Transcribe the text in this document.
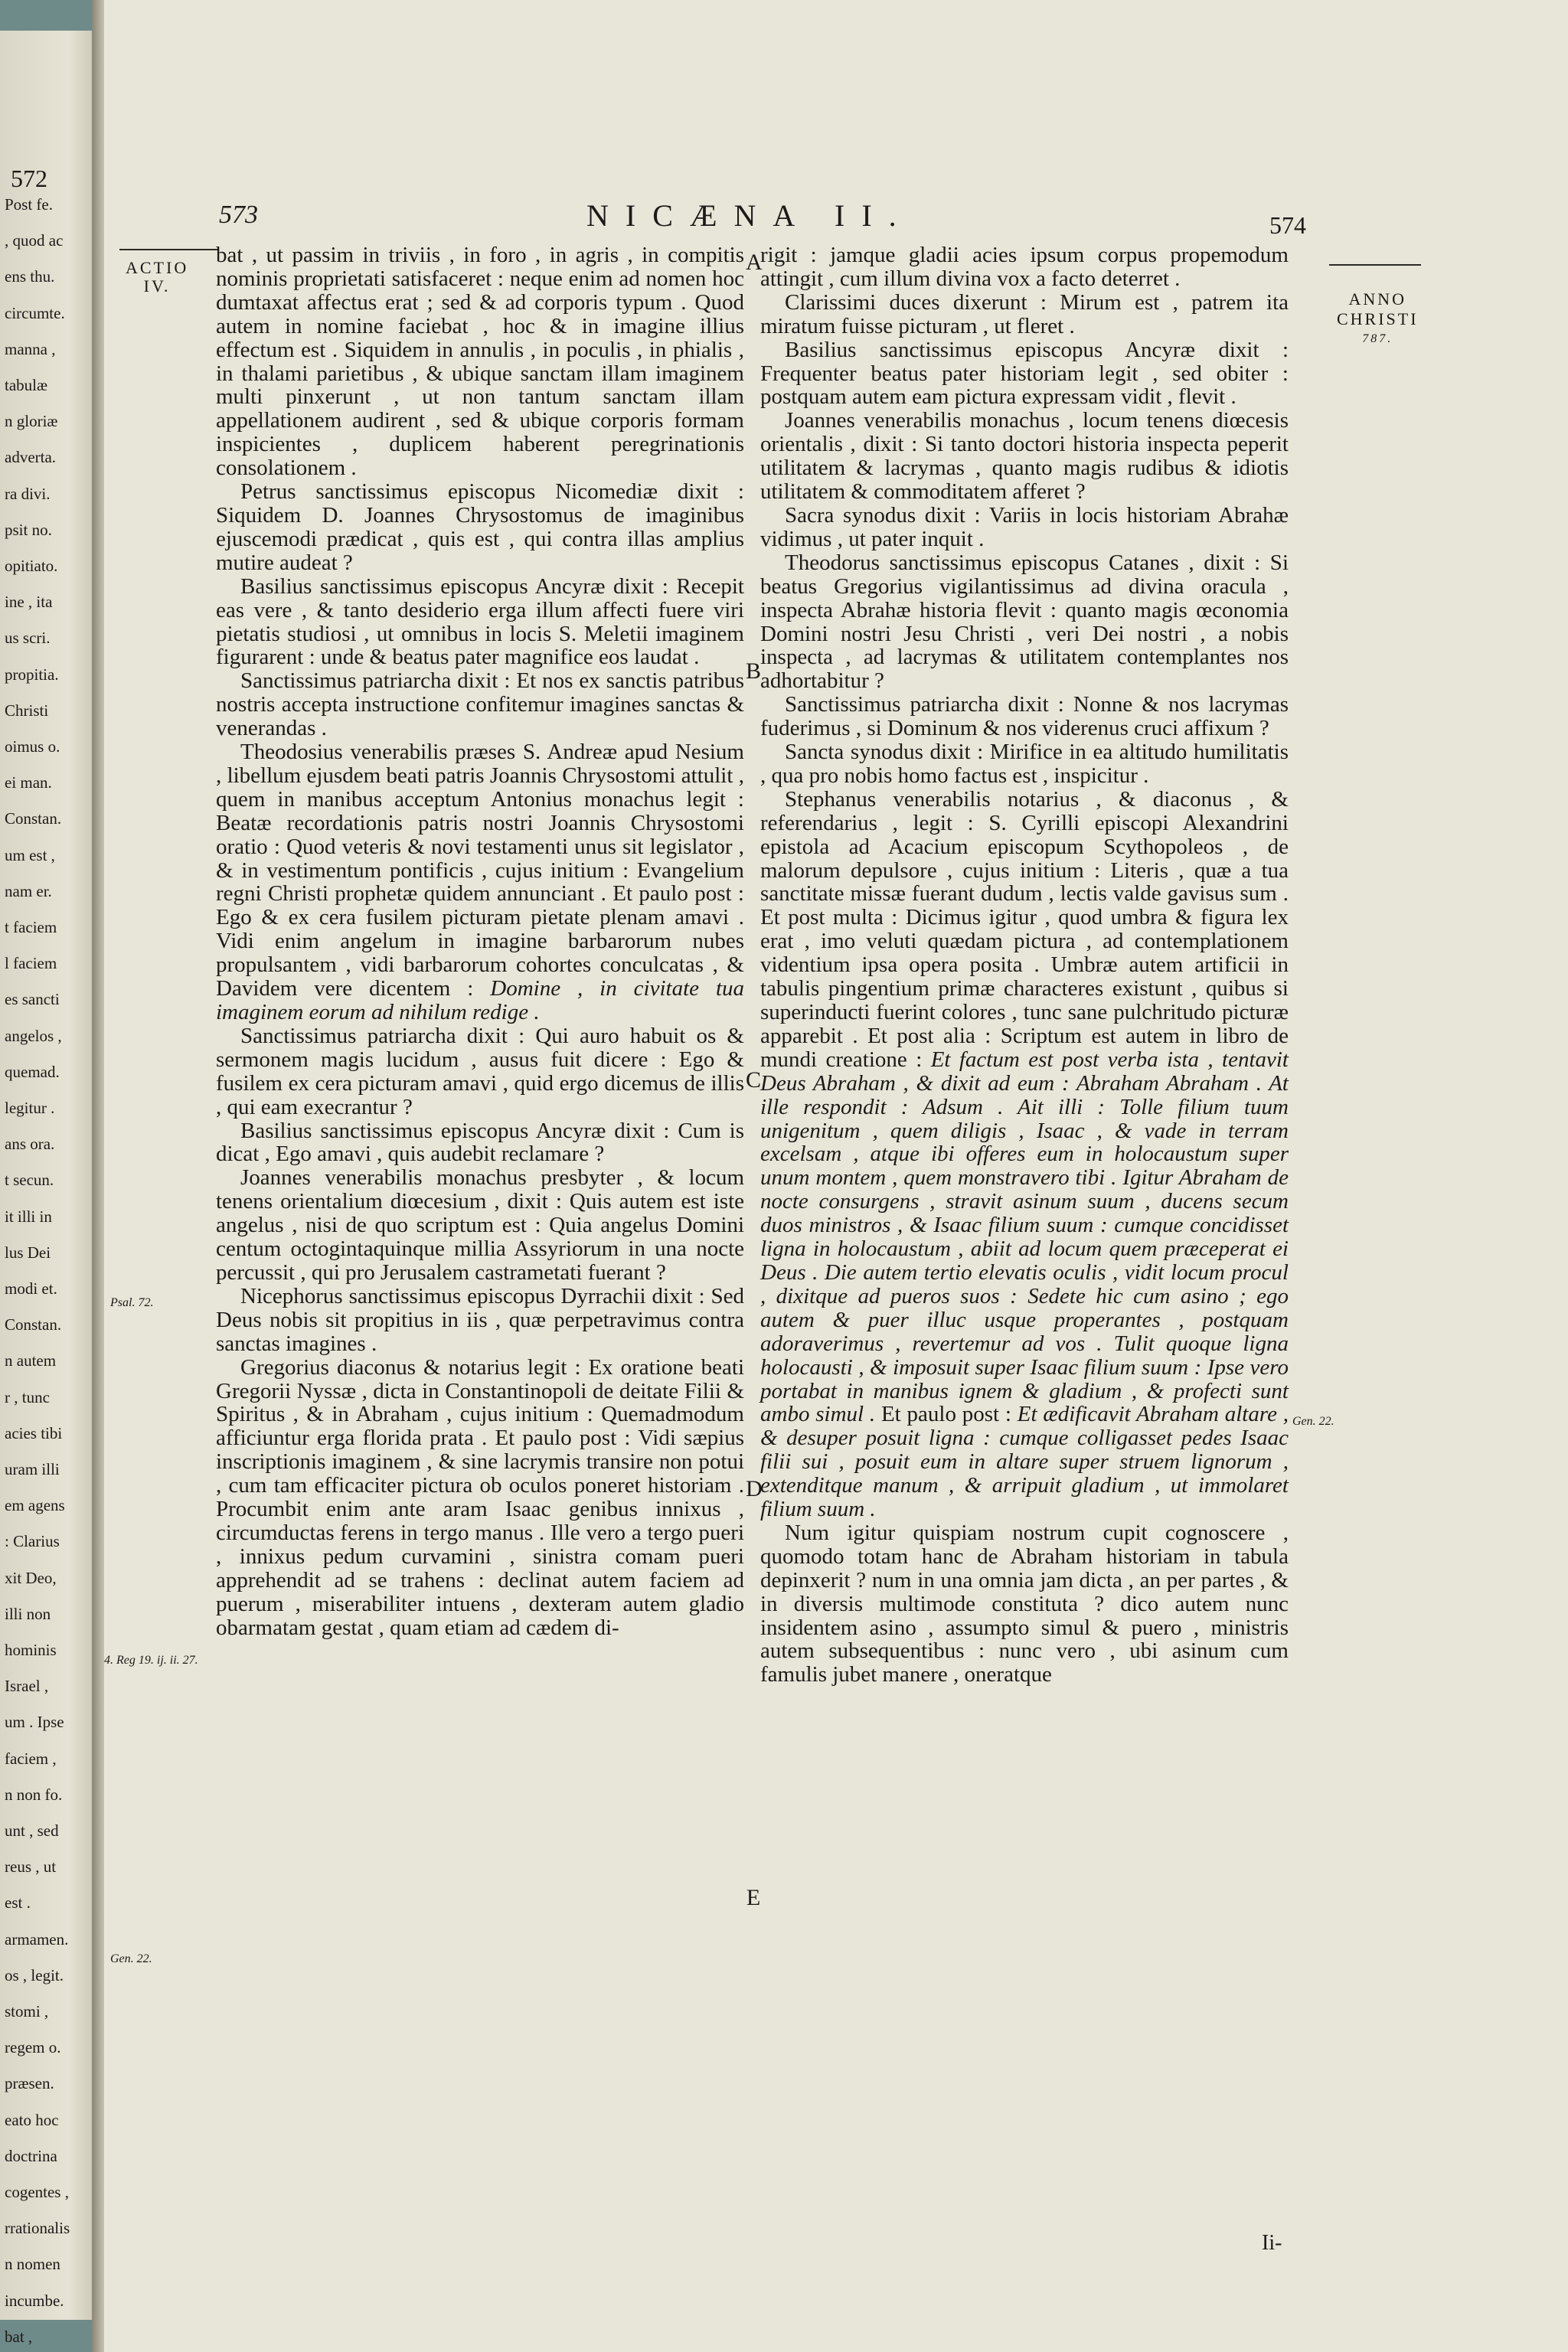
572
Post fe.
, quod ac
ens thu.
circumte.
manna ,
tabulæ
n gloriæ
adverta.
ra divi.
psit no.
opitiato.
ine , ita
us scri.
propitia.
Christi
oimus o.
ei man.
Constan.
um est ,
nam er.
t faciem
l faciem
es sancti
angelos ,
quemad.
legitur .
ans ora.
t secun.
it illi in
lus Dei
modi et.
Constan.
n autem
r , tunc
acies tibi
uram illi
em agens
: Clarius
xit Deo,
illi non
hominis
Israel ,
um . Ipse
faciem ,
n non fo.
unt , sed
reus , ut
est .
armamen.
os , legit.
stomi ,
regem o.
præsen.
eato hoc
doctrina
cogentes ,
rrationalis
n nomen
incumbe.
bat ,
573	NICÆNA II.	574
ACTIO
IV.
ANNO
CHRISTI
787.

bat , ut passim in triviis , in foro , in agris , in compitis nominis proprietati satisfaceret : neque enim ad nomen hoc dumtaxat affectus erat ; sed & ad corporis typum . Quod autem in nomine faciebat , hoc & in imagine illius effectum est . Siquidem in annulis , in poculis , in phialis , in thalami parietibus , & ubique sanctam illam imaginem multi pinxerunt , ut non tantum sanctam illam appellationem audirent , sed & ubique corporis formam inspicientes , duplicem haberent peregrinationis consolationem .

Petrus sanctissimus episcopus Nicomediæ dixit : Siquidem D. Joannes Chrysostomus de imaginibus ejuscemodi prædicat , quis est , qui contra illas amplius mutire audeat ?

Basilius sanctissimus episcopus Ancyræ dixit : Recepit eas vere , & tanto desiderio erga illum affecti fuere viri pietatis studiosi , ut omnibus in locis S. Meletii imaginem figurarent : unde & beatus pater magnifice eos laudat .

Sanctissimus patriarcha dixit : Et nos ex sanctis patribus nostris accepta instructione confitemur imagines sanctas & venerandas .

Theodosius venerabilis præses S. Andreæ apud Nesium , libellum ejusdem beati patris Joannis Chrysostomi attulit , quem in manibus acceptum Antonius monachus legit : Beatæ recordationis patris nostri Joannis Chrysostomi oratio : Quod veteris & novi testamenti unus sit legislator , & in vestimentum pontificis , cujus initium : Evangelium regni Christi prophetæ quidem annunciant . Et paulo post : Ego & ex cera fusilem picturam pietate plenam amavi . Vidi enim angelum in imagine barbarorum nubes propulsantem , vidi barbarorum cohortes conculcatas , & Davidem vere dicentem : Domine , in civitate tua imaginem eorum ad nihilum redige .

Sanctissimus patriarcha dixit : Qui auro habuit os & sermonem magis lucidum , ausus fuit dicere : Ego & fusilem ex cera picturam amavi , quid ergo dicemus de illis , qui eam execrantur ?

Basilius sanctissimus episcopus Ancyræ dixit : Cum is dicat , Ego amavi , quis audebit reclamare ?

Joannes venerabilis monachus presbyter , & locum tenens orientalium diœcesium , dixit : Quis autem est iste angelus , nisi de quo scriptum est : Quia angelus Domini centum octogintaquinque millia Assyriorum in una nocte percussit , qui pro Jerusalem castrametati fuerant ?

Nicephorus sanctissimus episcopus Dyrrachii dixit : Sed Deus nobis sit propitius in iis , quæ perpetravimus contra sanctas imagines .

Gregorius diaconus & notarius legit : Ex oratione beati Gregorii Nyssæ , dicta in Constantinopoli de deitate Filii & Spiritus , & in Abraham , cujus initium : Quemadmodum afficiuntur erga florida prata . Et paulo post : Vidi sæpius inscriptionis imaginem , & sine lacrymis transire non potui , cum tam efficaciter pictura ob oculos poneret historiam . Procumbit enim ante aram Isaac genibus innixus , circumductas ferens in tergo manus . Ille vero a tergo pueri , innixus pedum curvamini , sinistra comam pueri apprehendit ad se trahens : declinat autem faciem ad puerum , miserabiliter intuens , dexteram autem gladio obarmatam gestat , quam etiam ad cædem di-

A
B
C
D
E
Psal. 72.
4. Reg 19. ij. ii. 27.
Gen. 22.
Gen. 22.

rigit : jamque gladii acies ipsum corpus propemodum attingit , cum illum divina vox a facto deterret .

Clarissimi duces dixerunt : Mirum est , patrem ita miratum fuisse picturam , ut fleret .

Basilius sanctissimus episcopus Ancyræ dixit : Frequenter beatus pater historiam legit , sed obiter : postquam autem eam pictura expressam vidit , flevit .

Joannes venerabilis monachus , locum tenens diœcesis orientalis , dixit : Si tanto doctori historia inspecta peperit utilitatem & lacrymas , quanto magis rudibus & idiotis utilitatem & commoditatem afferet ?

Sacra synodus dixit : Variis in locis historiam Abrahæ vidimus , ut pater inquit .

Theodorus sanctissimus episcopus Catanes , dixit : Si beatus Gregorius vigilantissimus ad divina oracula , inspecta Abrahæ historia flevit : quanto magis œconomia Domini nostri Jesu Christi , veri Dei nostri , a nobis inspecta , ad lacrymas & utilitatem contemplantes nos adhortabitur ?

Sanctissimus patriarcha dixit : Nonne & nos lacrymas fuderimus , si Dominum & nos viderenus cruci affixum ?

Sancta synodus dixit : Mirifice in ea altitudo humilitatis , qua pro nobis homo factus est , inspicitur .

Stephanus venerabilis notarius , & diaconus , & referendarius , legit : S. Cyrilli episcopi Alexandrini epistola ad Acacium episcopum Scythopoleos , de malorum depulsore , cujus initium : Literis , quæ a tua sanctitate missæ fuerant dudum , lectis valde gavisus sum . Et post multa : Dicimus igitur , quod umbra & figura lex erat , imo veluti quædam pictura , ad contemplationem videntium ipsa opera posita . Umbræ autem artificii in tabulis pingentium primæ characteres existunt , quibus si superinducti fuerint colores , tunc sane pulchritudo picturæ apparebit . Et post alia : Scriptum est autem in libro de mundi creatione : Et factum est post verba ista , tentavit Deus Abraham , & dixit ad eum : Abraham Abraham . At ille respondit : Adsum . Ait illi : Tolle filium tuum unigenitum , quem diligis , Isaac , & vade in terram excelsam , atque ibi offeres eum in holocaustum super unum montem , quem monstravero tibi . Igitur Abraham de nocte consurgens , stravit asinum suum , ducens secum duos ministros , & Isaac filium suum : cumque concidisset ligna in holocaustum , abiit ad locum quem præceperat ei Deus . Die autem tertio elevatis oculis , vidit locum procul , dixitque ad pueros suos : Sedete hic cum asino ; ego autem & puer illuc usque properantes , postquam adoraverimus , revertemur ad vos . Tulit quoque ligna holocausti , & imposuit super Isaac filium suum : Ipse vero portabat in manibus ignem & gladium , & profecti sunt ambo simul . Et paulo post : Et ædificavit Abraham altare , & desuper posuit ligna : cumque colligasset pedes Isaac filii sui , posuit eum in altare super struem lignorum , extenditque manum , & arripuit gladium , ut immolaret filium suum .

Num igitur quispiam nostrum cupit cognoscere , quomodo totam hanc de Abraham historiam in tabula depinxerit ? num in una omnia jam dicta , an per partes , & in diversis multimode constituta ? dico autem nunc insidentem asino , assumpto simul & puero , ministris autem subsequentibus : nunc vero , ubi asinum cum famulis jubet manere , oneratque

Ii-
